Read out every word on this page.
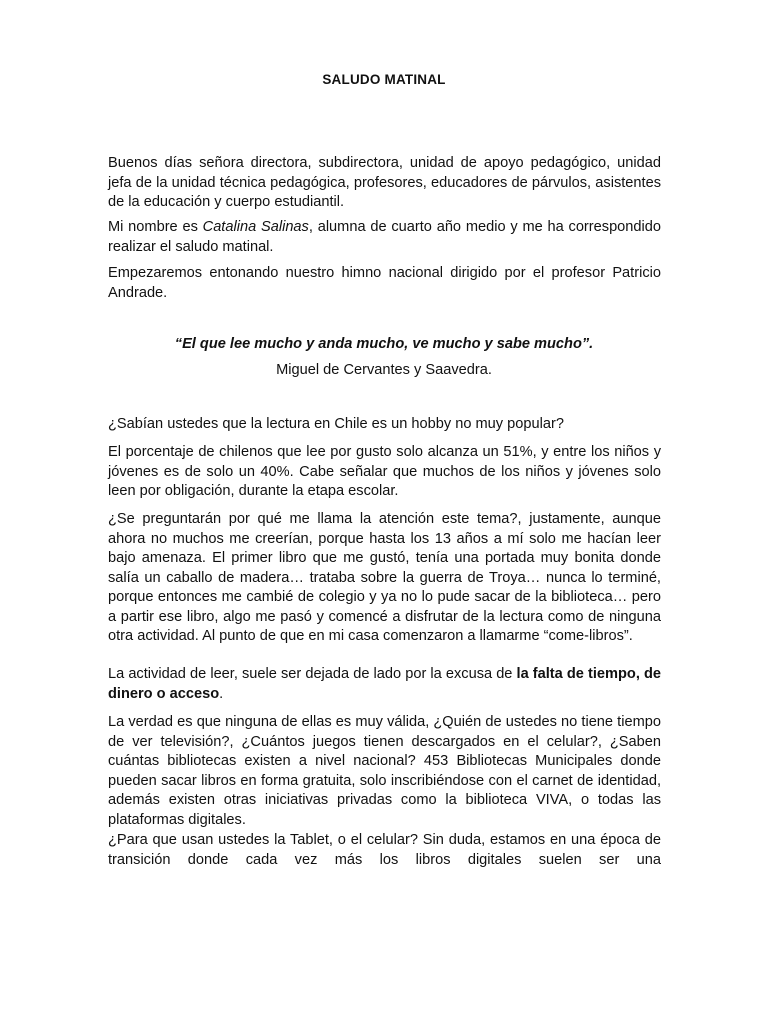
SALUDO MATINAL

Buenos días señora directora, subdirectora, unidad de apoyo pedagógico, unidad jefa de la unidad técnica pedagógica, profesores, educadores de párvulos, asistentes de la educación y cuerpo estudiantil.

Mi nombre es Catalina Salinas, alumna de cuarto año medio y me ha correspondido realizar el saludo matinal.

Empezaremos entonando nuestro himno nacional dirigido por el profesor Patricio Andrade.

“El que lee mucho y anda mucho, ve mucho y sabe mucho”.
Miguel de Cervantes y Saavedra.

¿Sabían ustedes que la lectura en Chile es un hobby no muy popular?

El porcentaje de chilenos que lee por gusto solo alcanza un 51%, y entre los niños y jóvenes es de solo un 40%. Cabe señalar que muchos de los niños y jóvenes solo leen por obligación, durante la etapa escolar.

¿Se preguntarán por qué me llama la atención este tema?, justamente, aunque ahora no muchos me creerían, porque hasta los 13 años a mí solo me hacían leer bajo amenaza. El primer libro que me gustó, tenía una portada muy bonita donde salía un caballo de madera… trataba sobre la guerra de Troya… nunca lo terminé, porque entonces me cambié de colegio y ya no lo pude sacar de la biblioteca… pero a partir ese libro, algo me pasó y comencé a disfrutar de la lectura como de ninguna otra actividad. Al punto de que en mi casa comenzaron a llamarme “come-libros”.

La actividad de leer, suele ser dejada de lado por la excusa de la falta de tiempo, de dinero o acceso.

La verdad es que ninguna de ellas es muy válida, ¿Quién de ustedes no tiene tiempo de ver televisión?, ¿Cuántos juegos tienen descargados en el celular?, ¿Saben cuántas bibliotecas existen a nivel nacional? 453 Bibliotecas Municipales donde pueden sacar libros en forma gratuita, solo inscribiéndose con el carnet de identidad, además existen otras iniciativas privadas como la biblioteca VIVA, o todas las plataformas digitales.

¿Para que usan ustedes la Tablet, o el celular? Sin duda, estamos en una época de transición donde cada vez más los libros digitales suelen ser una
